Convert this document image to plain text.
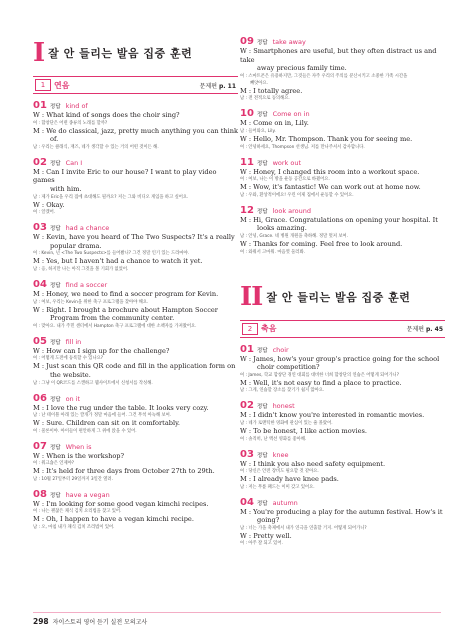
I 잘 안 들리는 발음 집중 훈련
1	연음	문제편 p. 11
01 정답 kind of
W : What kind of songs does the choir sing?
여 : 합창단은 어떤 종류의 노래를 할까?
M : We do classical, jazz, pretty much anything you can think
of.
남 : 우리는 클래식, 재즈, 네가 생각할 수 있는 거의 어떤 것이든 해.
02 정답 Can I
M : Can I invite Eric to our house? I want to play video games
with him.
남 : 제가 Eric을 우리 집에 초대해도 될까요? 저는 그와 비디오 게임을 하고 싶어요.
W : Okay.
여 : 알겠어.
03 정답 had a chance
W : Kevin, have you heard of The Two Suspects? It's a really
popular drama.
여 : Kevin, 넌 <The Two Suspects>를 들어봤니? 그건 정말 인기 있는 드라마야.
M : Yes, but I haven't had a chance to watch it yet.
남 : 응, 하지만 나는 아직 그것을 볼 기회가 없었어.
04 정답 find a soccer
M : Honey, we need to find a soccer program for Kevin.
남 : 여보, 우리는 Kevin을 위한 축구 프로그램을 찾아야 해요.
W : Right. I brought a brochure about Hampton Soccer
Program from the community center.
여 : 맞아요. 내가 주민 센터에서 Hampton 축구 프로그램에 대한 소책자를 가져왔어요.
05 정답 fill in
W : How can I sign up for the challenge?
여 : 어떻게 도전에 등록할 수 있나요?
M : Just scan this QR code and fill in the application form on
the website.
남 : 그냥 이 QR코드를 스캔하고 웹사이트에서 신청서를 작성해.
06 정답 on it
M : I love the rug under the table. It looks very cozy.
남 : 난 테이블 아래 있는 깔개가 정말 마음에 들어. 그건 무척 아늑해 보여.
W : Sure. Children can sit on it comfortably.
여 : 물론이야. 아이들이 편안하게 그 위에 앉을 수 있어.
07 정답 When is
W : When is the workshop?
여 : 워크숍은 언제야?
M : It's held for three days from October 27th to 29th.
남 : 10월 27일부터 29일까지 3일간 열려.
08 정답 have a vegan
W : I'm looking for some good vegan kimchi recipes.
여 : 나는 괜찮은 채식 김치 요리법을 찾고 있어.
M : Oh, I happen to have a vegan kimchi recipe.
남 : 오, 마침 내가 채식 김치 조리법이 있어.
09 정답 take away
W : Smartphones are useful, but they often distract us and take
away precious family time.
여 : 스마트폰은 유용하지만, 그것들은 자주 우리의 주의를 분산시키고 소중한 가족 시간을
빼앗아요.
M : I totally agree.
남 : 전 전적으로 동의해요.
10 정답 Come on in
M : Come on in, Lily.
남 : 들어와요, Lily.
W : Hello, Mr. Thompson. Thank you for seeing me.
여 : 안녕하세요, Thompson 선생님. 저를 만나주셔서 감사합니다.
11 정답 work out
W : Honey, I changed this room into a workout space.
여 : 여보, 나는 이 방을 운동 공간으로 바꿨어요.
M : Wow, it's fantastic! We can work out at home now.
남 : 우와, 환상적이에요! 우린 이제 집에서 운동할 수 있어요.
12 정답 look around
M : Hi, Grace. Congratulations on opening your hospital. It
looks amazing.
남 : 안녕, Grace. 네 병원 개원을 축하해. 정말 멋져 보여.
W : Thanks for coming. Feel free to look around.
여 : 와줘서 고마워. 마음껏 둘러봐.
II 잘 안 들리는 발음 집중 훈련
2	축음	문제편 p. 45
01 정답 choir
W : James, how's your group's practice going for the school
choir competition?
여 : James, 학교 합창단 경연 대회를 대비한 너희 합창단의 연습은 어떻게 되어가니?
M : Well, it's not easy to find a place to practice.
남 : 그게, 연습할 장소를 찾기가 쉽지 않아요.
02 정답 honest
M : I didn't know you're interested in romantic movies.
남 : 네가 로맨틱한 영화에 관심이 있는 줄 몰랐어.
W : To be honest, I like action movies.
여 : 솔직히, 난 액션 영화를 좋아해.
03 정답 knee
W : I think you also need safety equipment.
여 : 당신은 안전 장비도 필요할 것 같아요.
M : I already have knee pads.
남 : 저는 무릎 패드는 이미 갖고 있어요.
04 정답 autumn
M : You're producing a play for the autumn festival. How's it
going?
남 : 너는 가을 축제에서 내가 연극을 연출할 거지. 어떻게 되어가니?
W : Pretty well.
여 : 아주 잘 되고 있어.
298 자이스토리 영어 듣기 실전 모의고사
